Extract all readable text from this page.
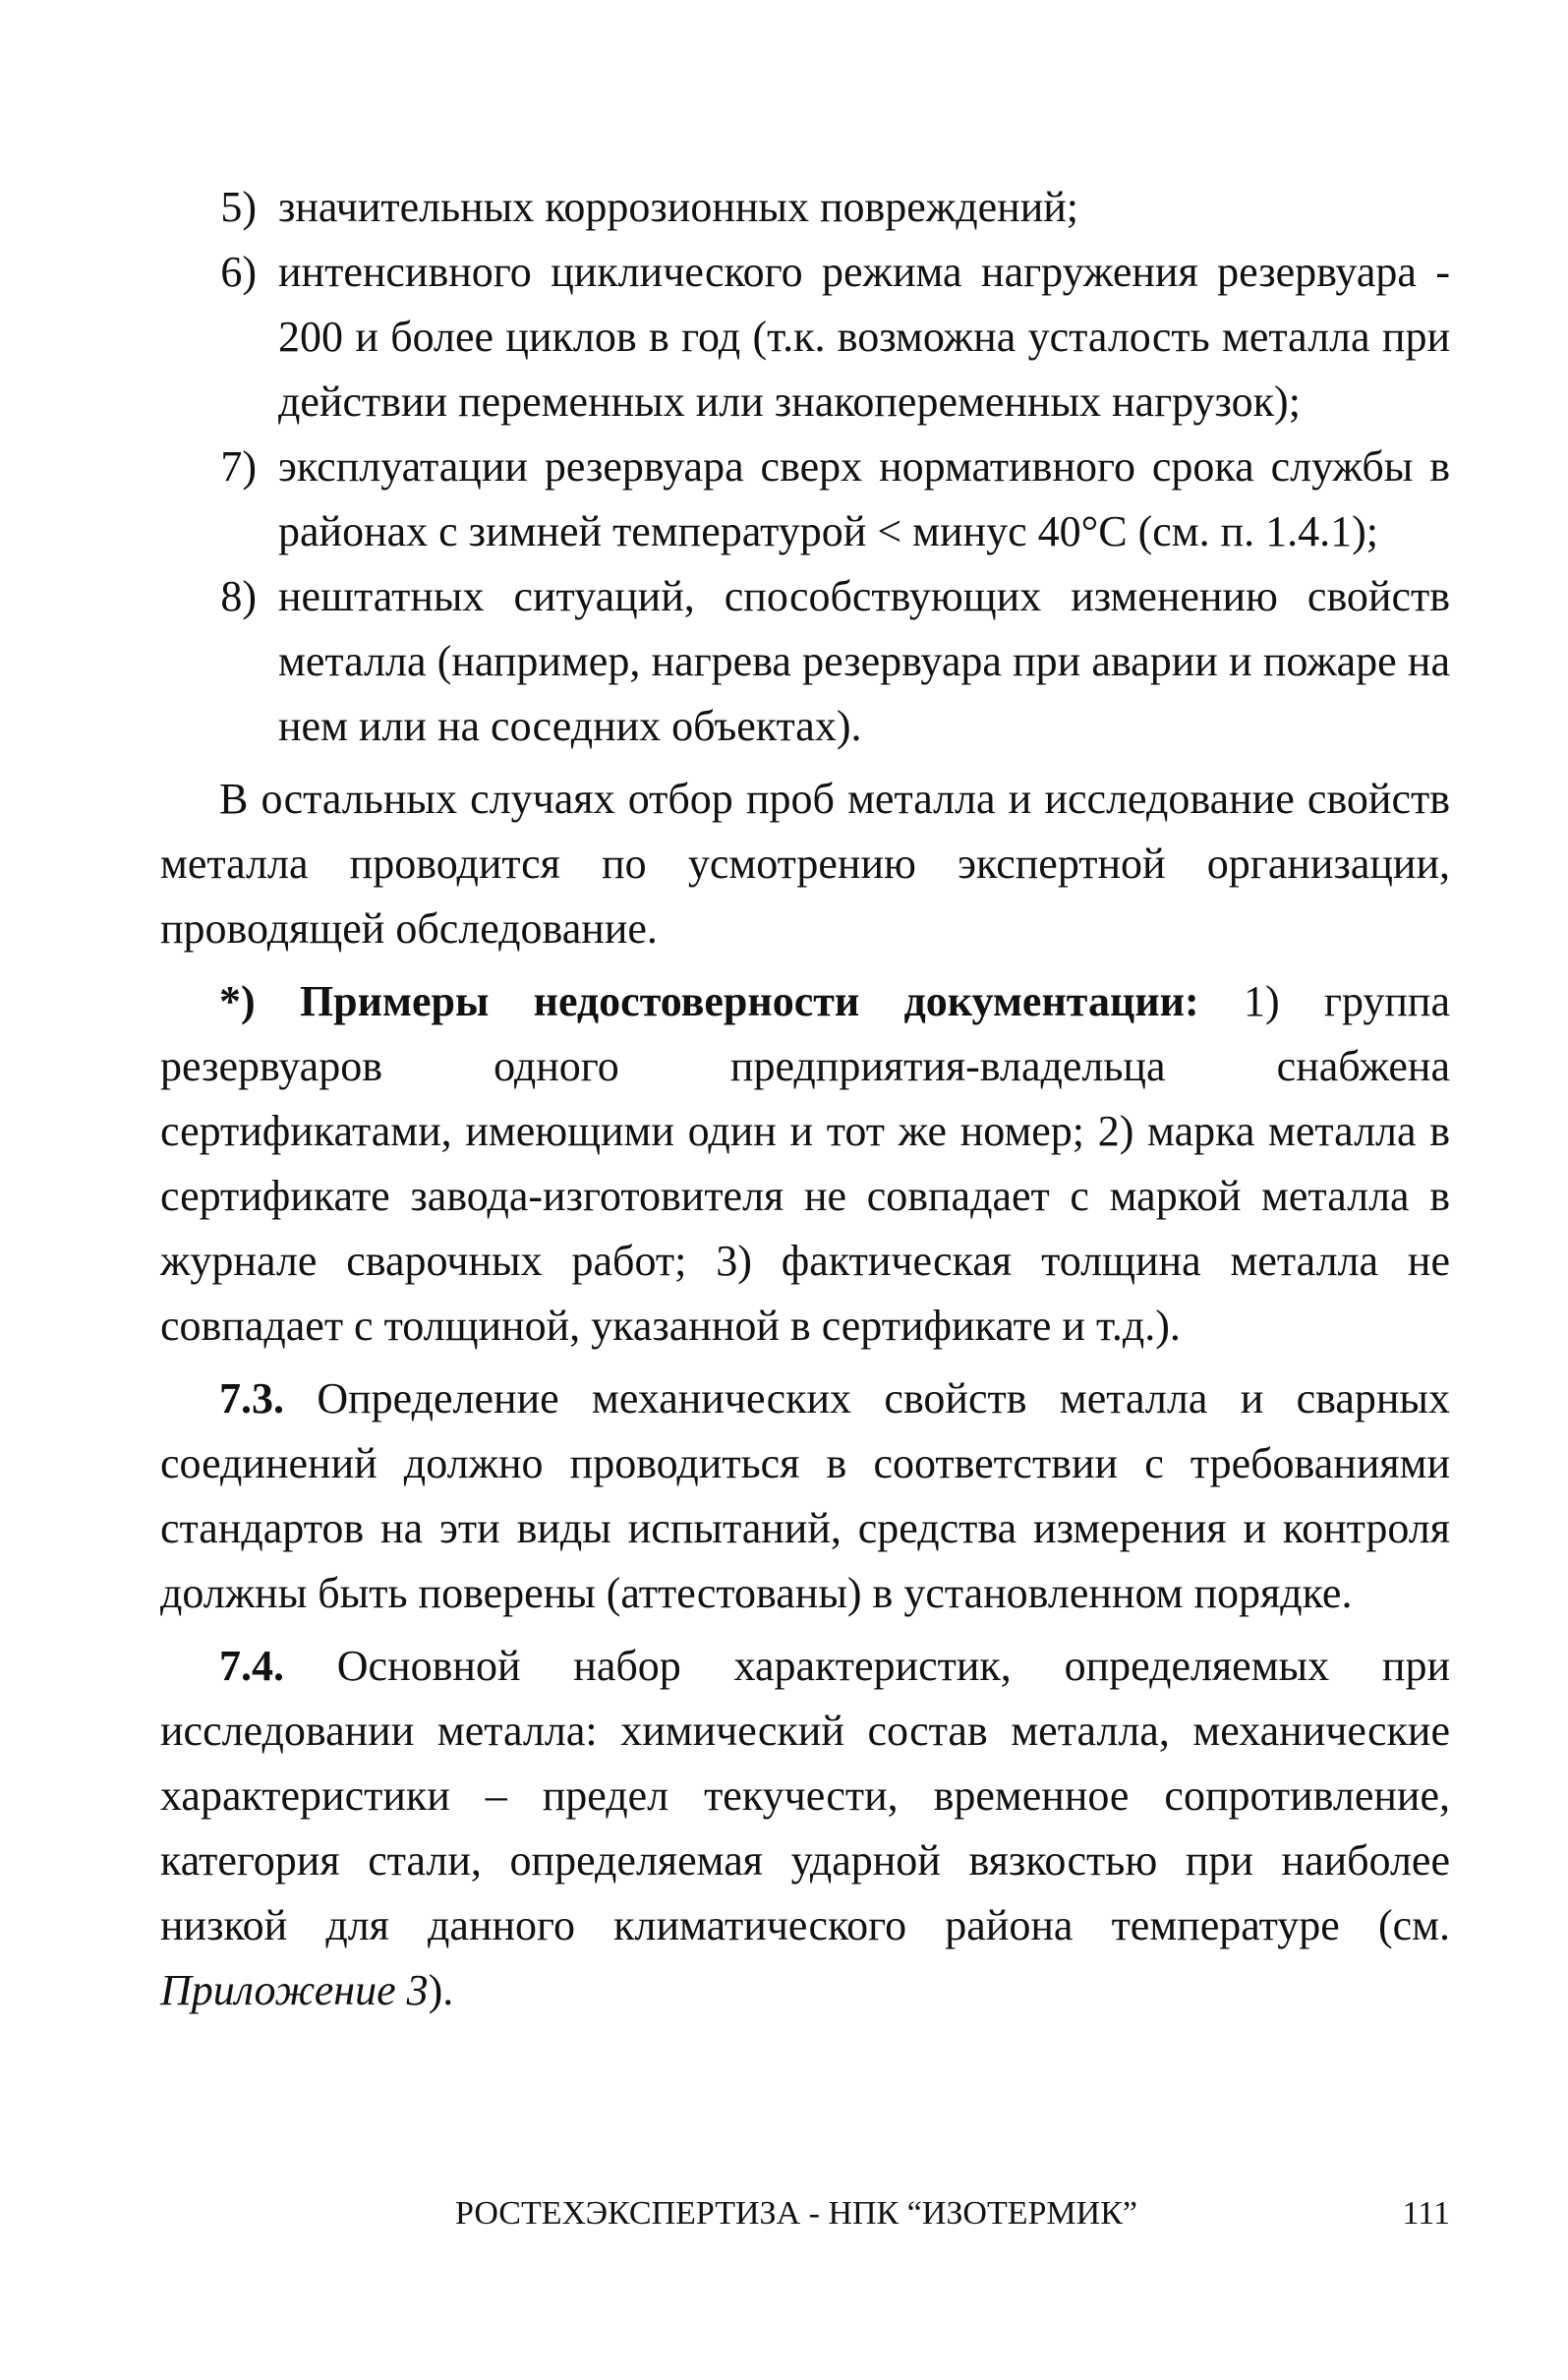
5) значительных коррозионных повреждений;
6) интенсивного циклического режима нагружения резервуара - 200 и более циклов в год (т.к. возможна усталость металла при действии переменных или знакопеременных нагрузок);
7) эксплуатации резервуара сверх нормативного срока службы в районах с зимней температурой < минус 40°С (см. п. 1.4.1);
8) нештатных ситуаций, способствующих изменению свойств металла (например, нагрева резервуара при аварии и пожаре на нем или на соседних объектах).

В остальных случаях отбор проб металла и исследование свойств металла проводится по усмотрению экспертной организации, проводящей обследование.

*) Примеры недостоверности документации: 1) группа резервуаров одного предприятия-владельца снабжена сертификатами, имеющими один и тот же номер; 2) марка металла в сертификате завода-изготовителя не совпадает с маркой металла в журнале сварочных работ; 3) фактическая толщина металла не совпадает с толщиной, указанной в сертификате и т.д.).

7.3. Определение механических свойств металла и сварных соединений должно проводиться в соответствии с требованиями стандартов на эти виды испытаний, средства измерения и контроля должны быть поверены (аттестованы) в установленном порядке.

7.4. Основной набор характеристик, определяемых при исследовании металла: химический состав металла, механические характеристики – предел текучести, временное сопротивление, категория стали, определяемая ударной вязкостью при наиболее низкой для данного климатического района температуре (см. Приложение 3).

РОСТЕХЭКСПЕРТИЗА - НПК “ИЗОТЕРМИК”	111
